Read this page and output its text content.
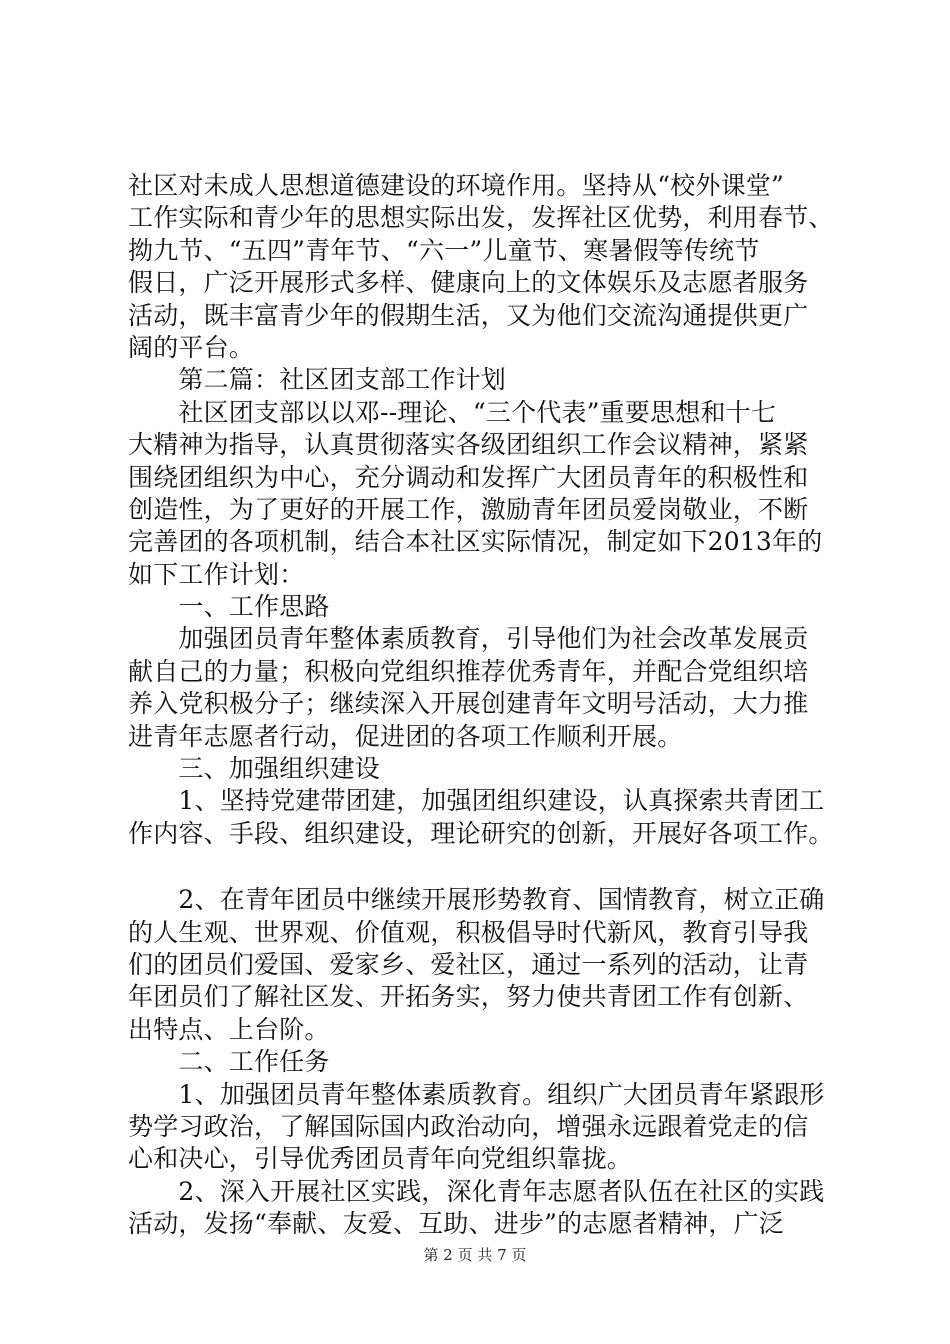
社区对未成人思想道德建设的环境作用。坚持从“校外课堂”
工作实际和青少年的思想实际出发，发挥社区优势，利用春节、
拗九节、“五四”青年节、“六一”儿童节、寒暑假等传统节
假日，广泛开展形式多样、健康向上的文体娱乐及志愿者服务
活动，既丰富青少年的假期生活，又为他们交流沟通提供更广
阔的平台。
　　第二篇：社区团支部工作计划
　　社区团支部以以邓--理论、“三个代表”重要思想和十七
大精神为指导，认真贯彻落实各级团组织工作会议精神，紧紧
围绕团组织为中心，充分调动和发挥广大团员青年的积极性和
创造性，为了更好的开展工作，激励青年团员爱岗敬业，不断
完善团的各项机制，结合本社区实际情况，制定如下2013年的
如下工作计划：
　　一、工作思路
　　加强团员青年整体素质教育，引导他们为社会改革发展贡
献自己的力量；积极向党组织推荐优秀青年，并配合党组织培
养入党积极分子；继续深入开展创建青年文明号活动，大力推
进青年志愿者行动，促进团的各项工作顺利开展。
　　三、加强组织建设
　　1、坚持党建带团建，加强团组织建设，认真探索共青团工
作内容、手段、组织建设，理论研究的创新，开展好各项工作。
　　2、在青年团员中继续开展形势教育、国情教育，树立正确
的人生观、世界观、价值观，积极倡导时代新风，教育引导我
们的团员们爱国、爱家乡、爱社区，通过一系列的活动，让青
年团员们了解社区发、开拓务实，努力使共青团工作有创新、
出特点、上台阶。
　　二、工作任务
　　1、加强团员青年整体素质教育。组织广大团员青年紧跟形
势学习政治，了解国际国内政治动向，增强永远跟着党走的信
心和决心，引导优秀团员青年向党组织靠拢。
　　2、深入开展社区实践，深化青年志愿者队伍在社区的实践
活动，发扬“奉献、友爱、互助、进步”的志愿者精神，广泛
第 2 页 共 7 页
